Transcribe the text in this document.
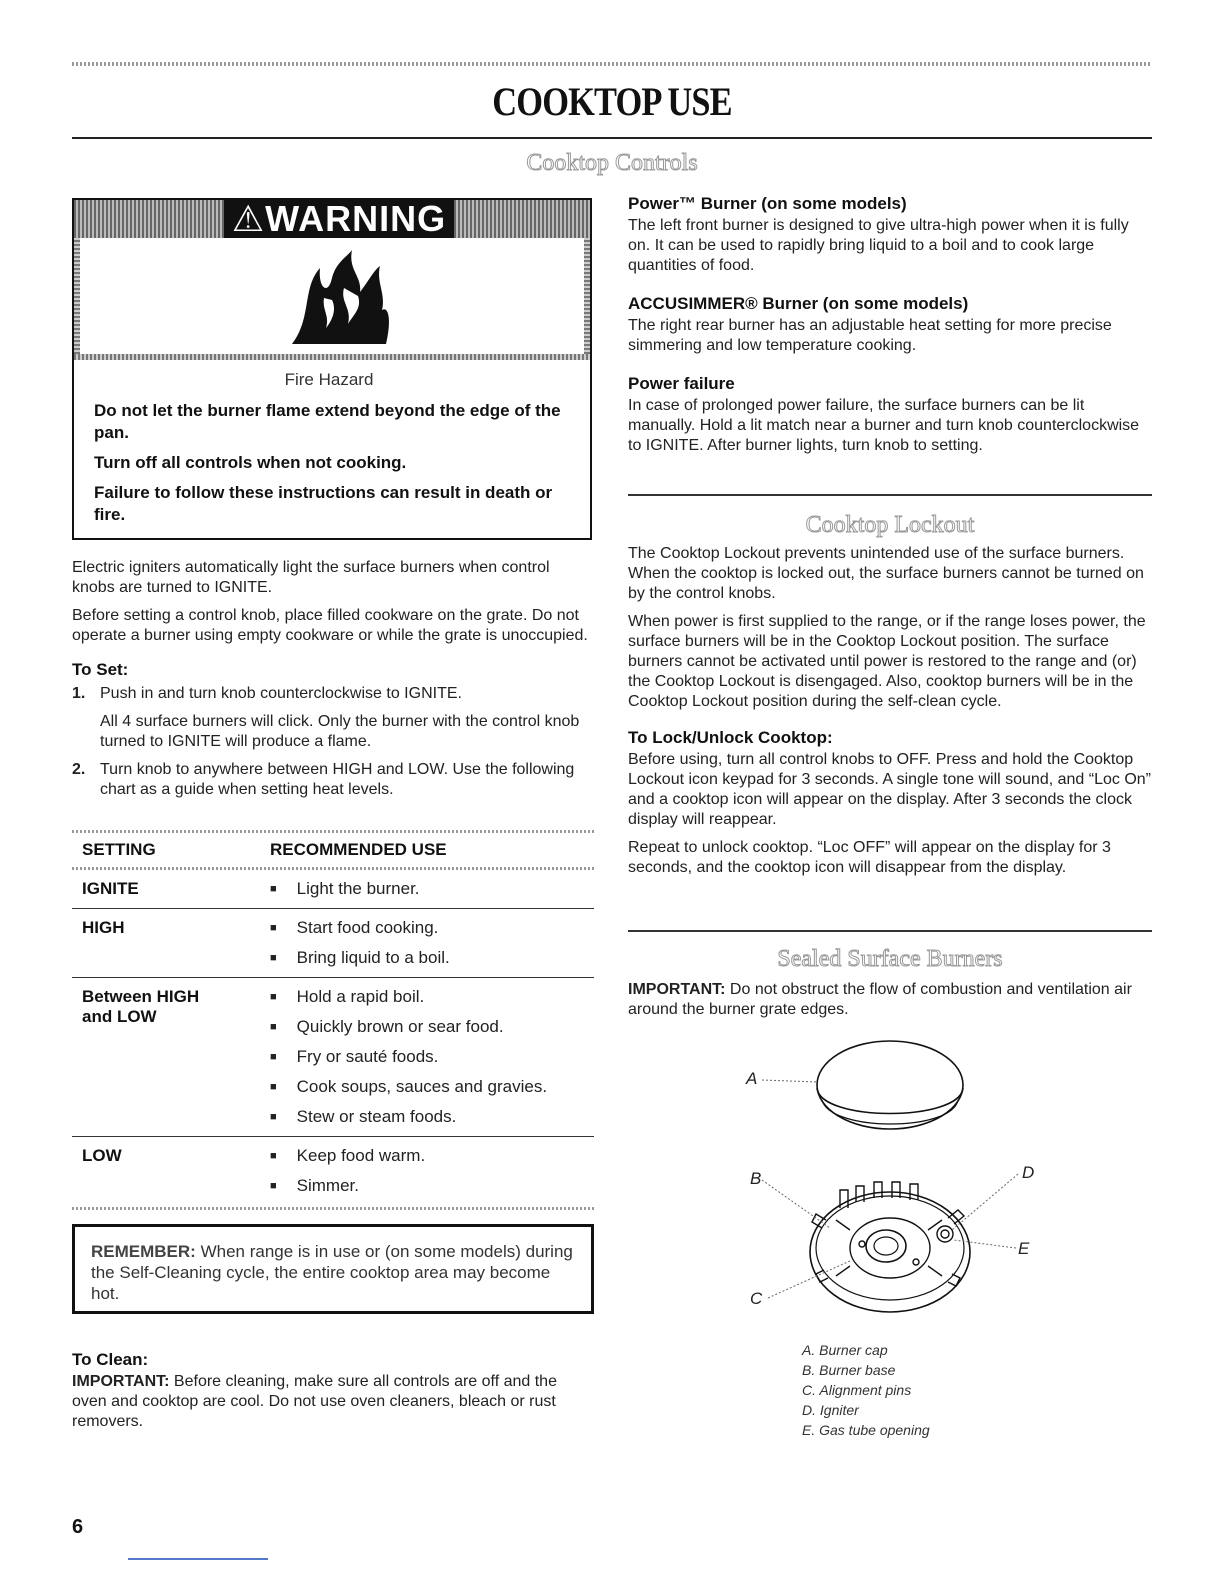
COOKTOP USE
Cooktop Controls
⚠WARNING
Fire Hazard

Do not let the burner flame extend beyond the edge of the pan.

Turn off all controls when not cooking.

Failure to follow these instructions can result in death or fire.

Electric igniters automatically light the surface burners when control knobs are turned to IGNITE.

Before setting a control knob, place filled cookware on the grate. Do not operate a burner using empty cookware or while the grate is unoccupied.

To Set:

1. Push in and turn knob counterclockwise to IGNITE.

All 4 surface burners will click. Only the burner with the control knob turned to IGNITE will produce a flame.

2. Turn knob to anywhere between HIGH and LOW. Use the following chart as a guide when setting heat levels.

SETTING	RECOMMENDED USE
IGNITE	■ Light the burner.
HIGH	■ Start food cooking.
■ Bring liquid to a boil.
Between HIGH and LOW
■ Hold a rapid boil.
■ Quickly brown or sear food.
■ Fry or sauté foods.
■ Cook soups, sauces and gravies.
■ Stew or steam foods.
LOW	■ Keep food warm.
■ Simmer.
REMEMBER: When range is in use or (on some models) during the Self-Cleaning cycle, the entire cooktop area may become hot.

To Clean:

IMPORTANT: Before cleaning, make sure all controls are off and the oven and cooktop are cool. Do not use oven cleaners, bleach or rust removers.

Power™ Burner (on some models)

The left front burner is designed to give ultra-high power when it is fully on. It can be used to rapidly bring liquid to a boil and to cook large quantities of food.

ACCUSIMMER® Burner (on some models)

The right rear burner has an adjustable heat setting for more precise simmering and low temperature cooking.

Power failure

In case of prolonged power failure, the surface burners can be lit manually. Hold a lit match near a burner and turn knob counterclockwise to IGNITE. After burner lights, turn knob to setting.

Cooktop Lockout

The Cooktop Lockout prevents unintended use of the surface burners. When the cooktop is locked out, the surface burners cannot be turned on by the control knobs.

When power is first supplied to the range, or if the range loses power, the surface burners will be in the Cooktop Lockout position. The surface burners cannot be activated until power is restored to the range and (or) the Cooktop Lockout is disengaged. Also, cooktop burners will be in the Cooktop Lockout position during the self-clean cycle.

To Lock/Unlock Cooktop:

Before using, turn all control knobs to OFF. Press and hold the Cooktop Lockout icon keypad for 3 seconds. A single tone will sound, and “Loc On” and a cooktop icon will appear on the display. After 3 seconds the clock display will reappear.

Repeat to unlock cooktop. “Loc OFF” will appear on the display for 3 seconds, and the cooktop icon will disappear from the display.

Sealed Surface Burners

IMPORTANT: Do not obstruct the flow of combustion and ventilation air around the burner grate edges.

A
B	D
E
C
A. Burner cap
B. Burner base
C. Alignment pins
D. Igniter
E. Gas tube opening
6
